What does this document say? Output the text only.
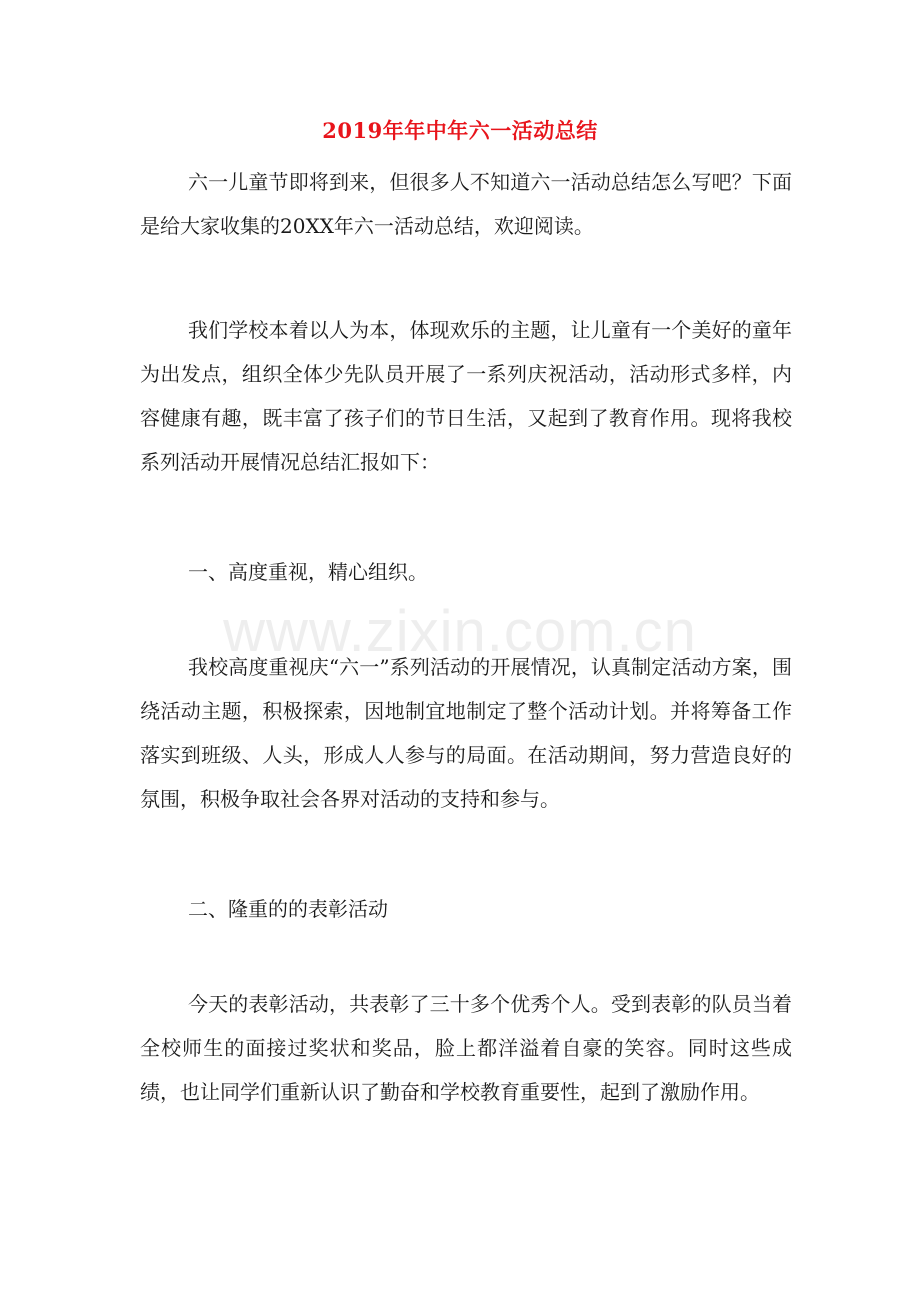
2019年年中年六一活动总结

六一儿童节即将到来，但很多人不知道六一活动总结怎么写吧？下面是给大家收集的20XX年六一活动总结，欢迎阅读。

我们学校本着以人为本，体现欢乐的主题，让儿童有一个美好的童年为出发点，组织全体少先队员开展了一系列庆祝活动，活动形式多样，内容健康有趣，既丰富了孩子们的节日生活，又起到了教育作用。现将我校系列活动开展情况总结汇报如下：

一、高度重视，精心组织。

我校高度重视庆“六一”系列活动的开展情况，认真制定活动方案，围绕活动主题，积极探索，因地制宜地制定了整个活动计划。并将筹备工作落实到班级、人头，形成人人参与的局面。在活动期间，努力营造良好的氛围，积极争取社会各界对活动的支持和参与。

二、隆重的的表彰活动

今天的表彰活动，共表彰了三十多个优秀个人。受到表彰的队员当着全校师生的面接过奖状和奖品，脸上都洋溢着自豪的笑容。同时这些成绩，也让同学们重新认识了勤奋和学校教育重要性，起到了激励作用。

www.zixin.com.cn
